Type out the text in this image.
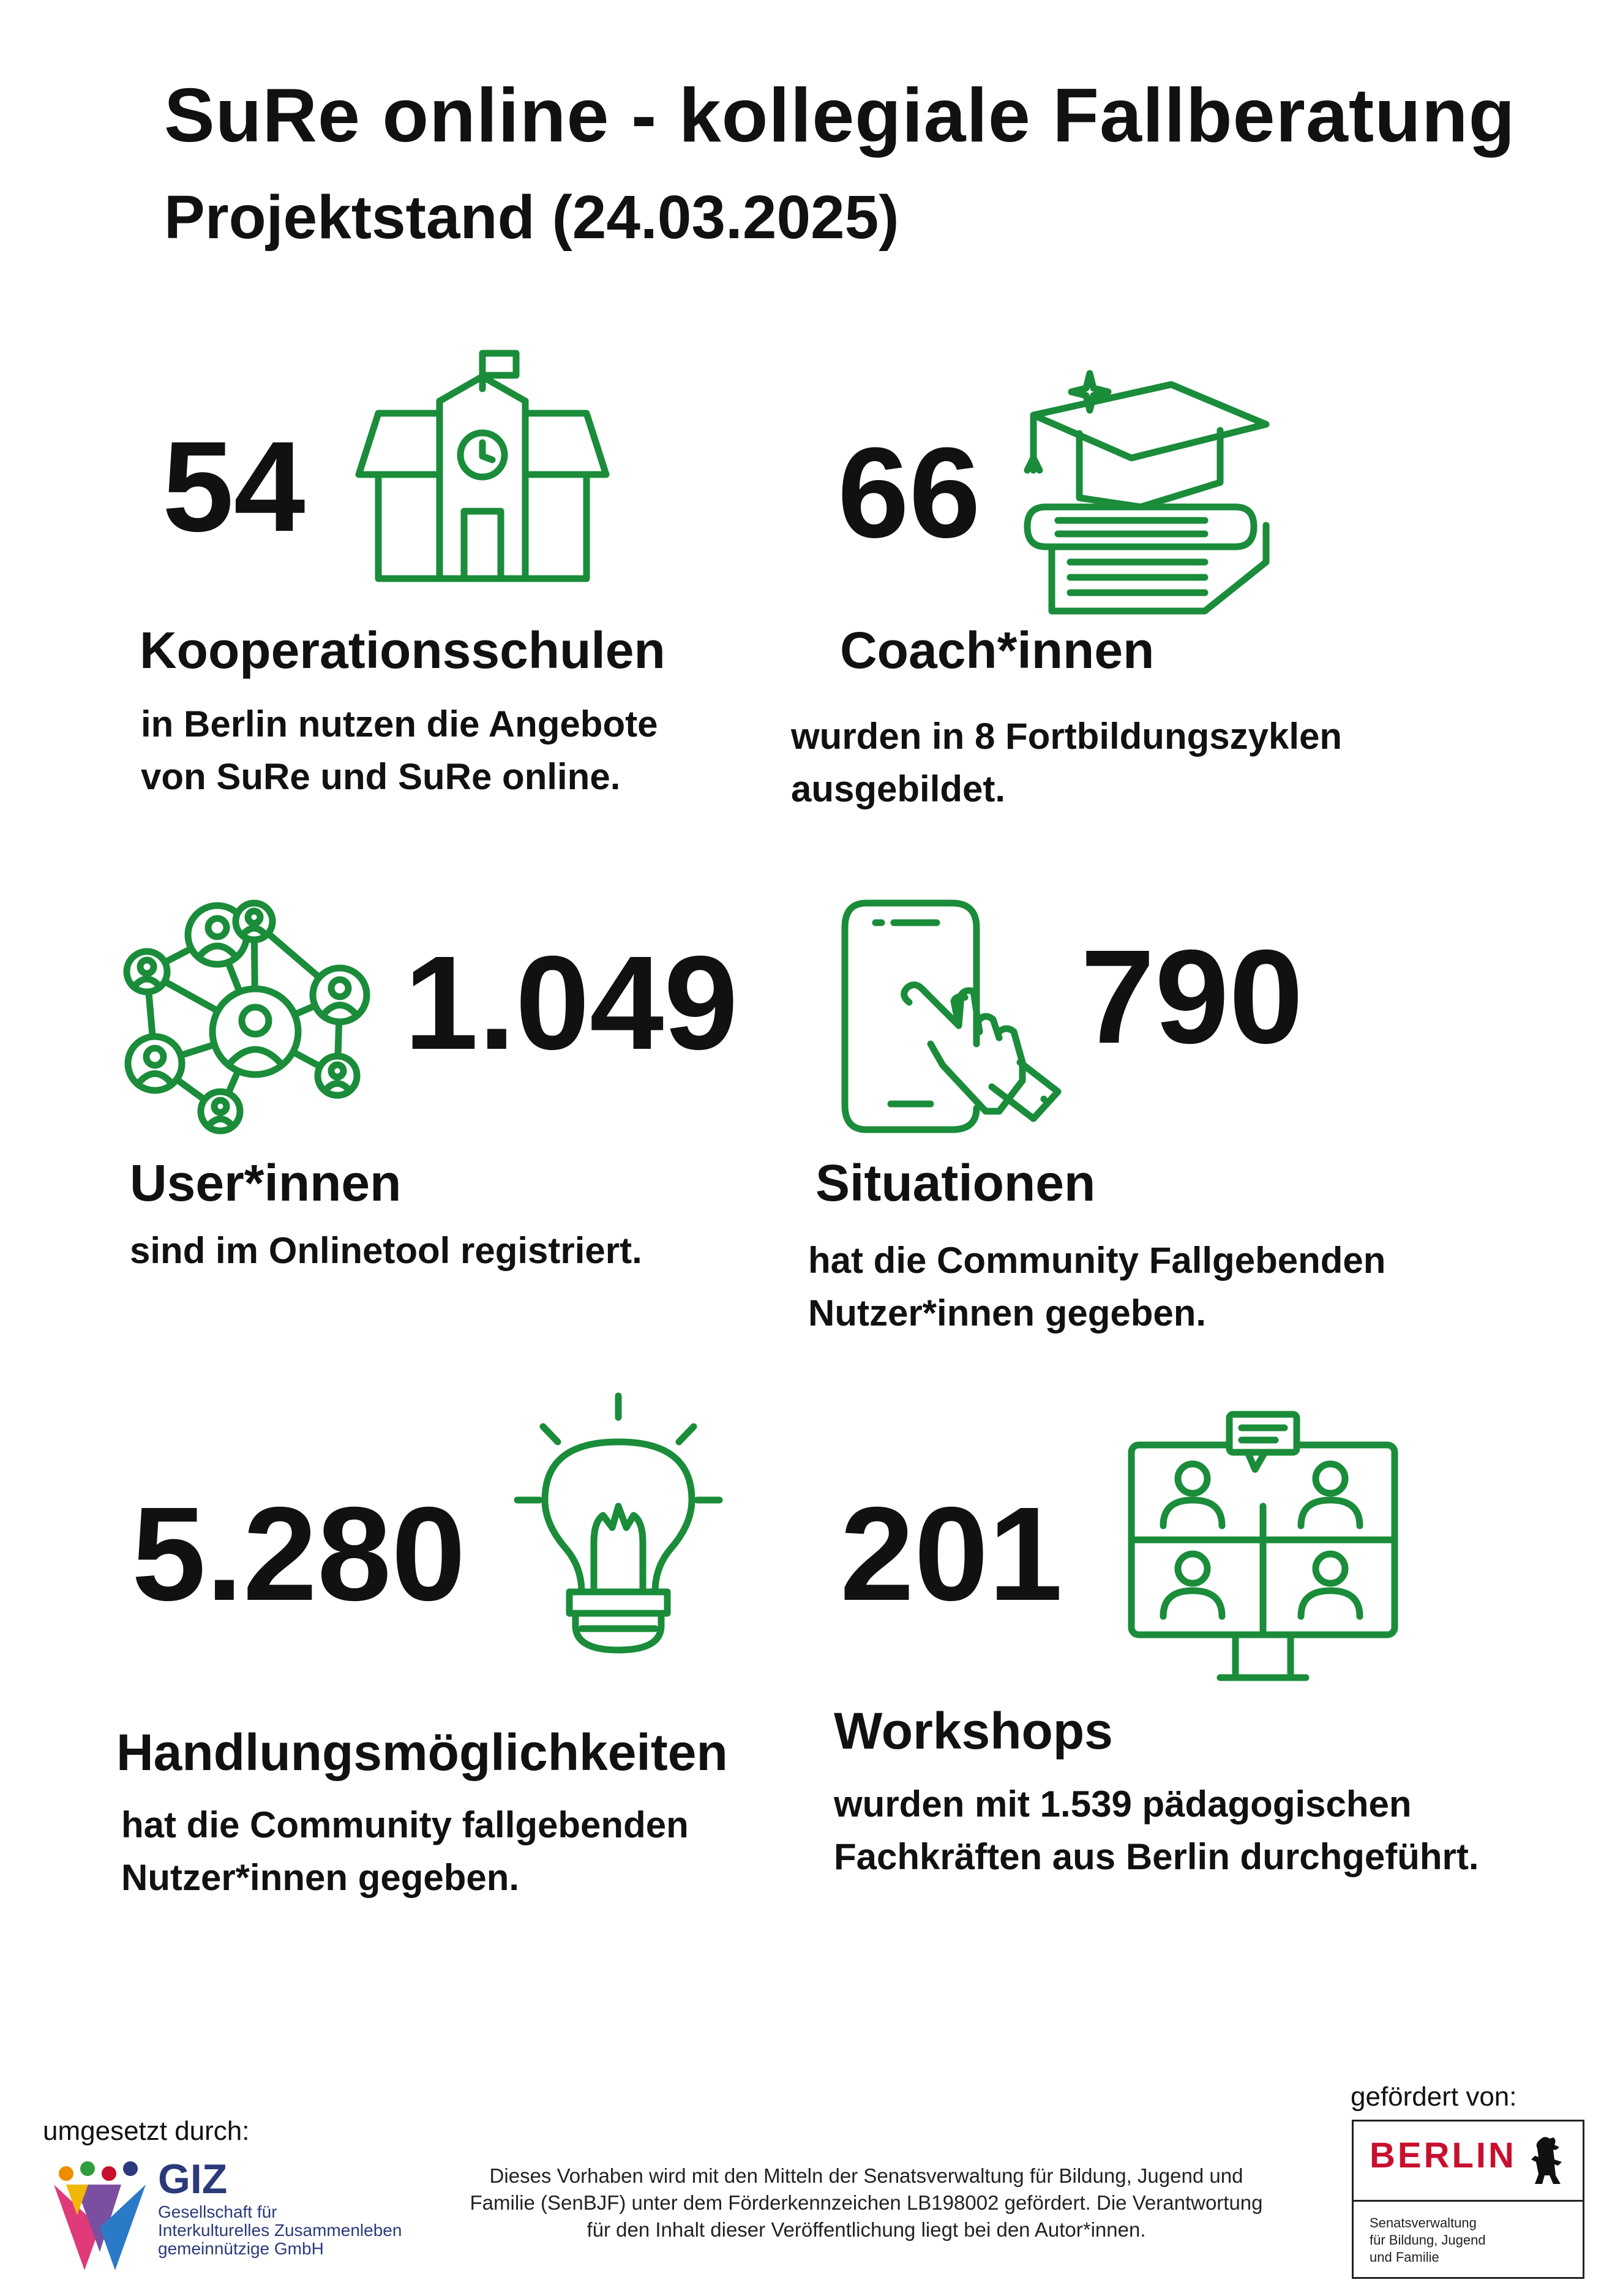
SuRe online - kollegiale Fallberatung
Projektstand (24.03.2025)
54
Kooperationsschulen
in Berlin nutzen die Angebote
von SuRe und SuRe online.
66
Coach*innen
wurden in 8 Fortbildungszyklen
ausgebildet.
1.049
User*innen
sind im Onlinetool registriert.
790
Situationen
hat die Community Fallgebenden
Nutzer*innen gegeben.
5.280
Handlungsmöglichkeiten
hat die Community fallgebenden
Nutzer*innen gegeben.
201
Workshops
wurden mit 1.539 pädagogischen
Fachkräften aus Berlin durchgeführt.
umgesetzt durch:
GIZ
Gesellschaft für
Interkulturelles Zusammenleben
gemeinnützige GmbH
Dieses Vorhaben wird mit den Mitteln der Senatsverwaltung für Bildung, Jugend und
Familie (SenBJF) unter dem Förderkennzeichen LB198002 gefördert. Die Verantwortung
für den Inhalt dieser Veröffentlichung liegt bei den Autor*innen.
gefördert von:
BERLIN
Senatsverwaltung
für Bildung, Jugend
und Familie
